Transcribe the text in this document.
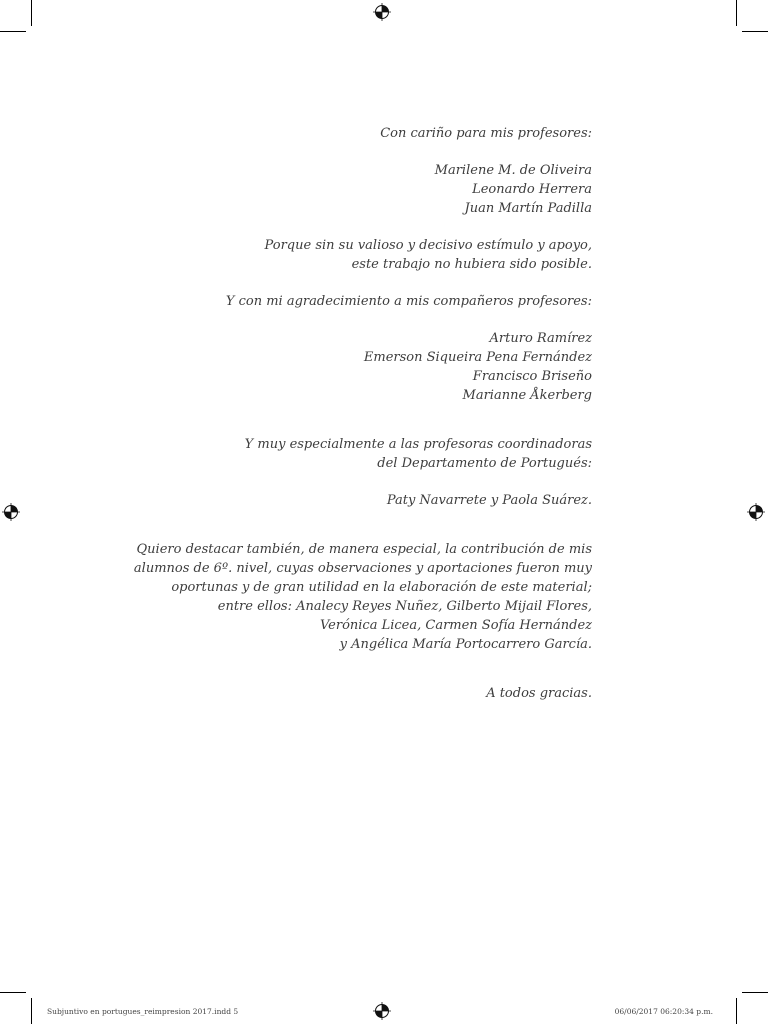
Con cariño para mis profesores:

Marilene M. de Oliveira
Leonardo Herrera
Juan Martín Padilla

Porque sin su valioso y decisivo estímulo y apoyo,
este trabajo no hubiera sido posible.

Y con mi agradecimiento a mis compañeros profesores:

Arturo Ramírez
Emerson Siqueira Pena Fernández
Francisco Briseño
Marianne Åkerberg

Y muy especialmente a las profesoras coordinadoras
del Departamento de Portugués:

Paty Navarrete y Paola Suárez.

Quiero destacar también, de manera especial, la contribución de mis
alumnos de 6º. nivel, cuyas observaciones y aportaciones fueron muy
oportunas y de gran utilidad en la elaboración de este material;
entre ellos: Analecy Reyes Nuñez, Gilberto Mijail Flores,
Verónica Licea, Carmen Sofía Hernández
y Angélica María Portocarrero García.

A todos gracias.

Subjuntivo en portugues_reimpresion 2017.indd 5	06/06/2017 06:20:34 p.m.
